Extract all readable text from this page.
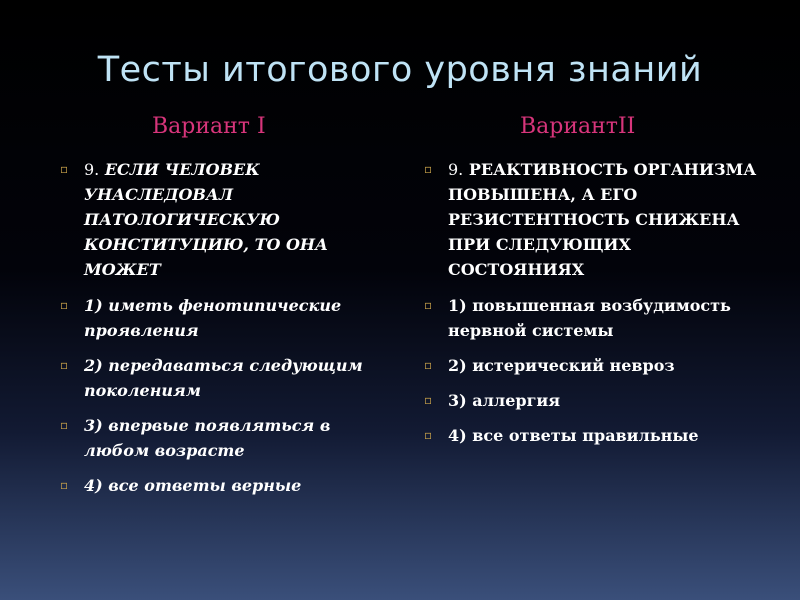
Тесты итогового уровня знаний
Вариант I	ВариантII
▫ 9. ЕСЛИ ЧЕЛОВЕК УНАСЛЕДОВАЛ ПАТОЛОГИЧЕСКУЮ КОНСТИТУЦИЮ, ТО ОНА МОЖЕТ
▫ 1) иметь фенотипические проявления
▫ 2) передаваться следующим поколениям
▫ 3) впервые появляться в любом возрасте
▫ 4) все ответы верные
▫ 9. РЕАКТИВНОСТЬ ОРГАНИЗМА ПОВЫШЕНА, А ЕГО РЕЗИСТЕНТНОСТЬ СНИЖЕНА ПРИ СЛЕДУЮЩИХ СОСТОЯНИЯХ
▫ 1) повышенная возбудимость нервной системы
▫ 2) истерический невроз
▫ 3) аллергия
▫ 4) все ответы правильные
